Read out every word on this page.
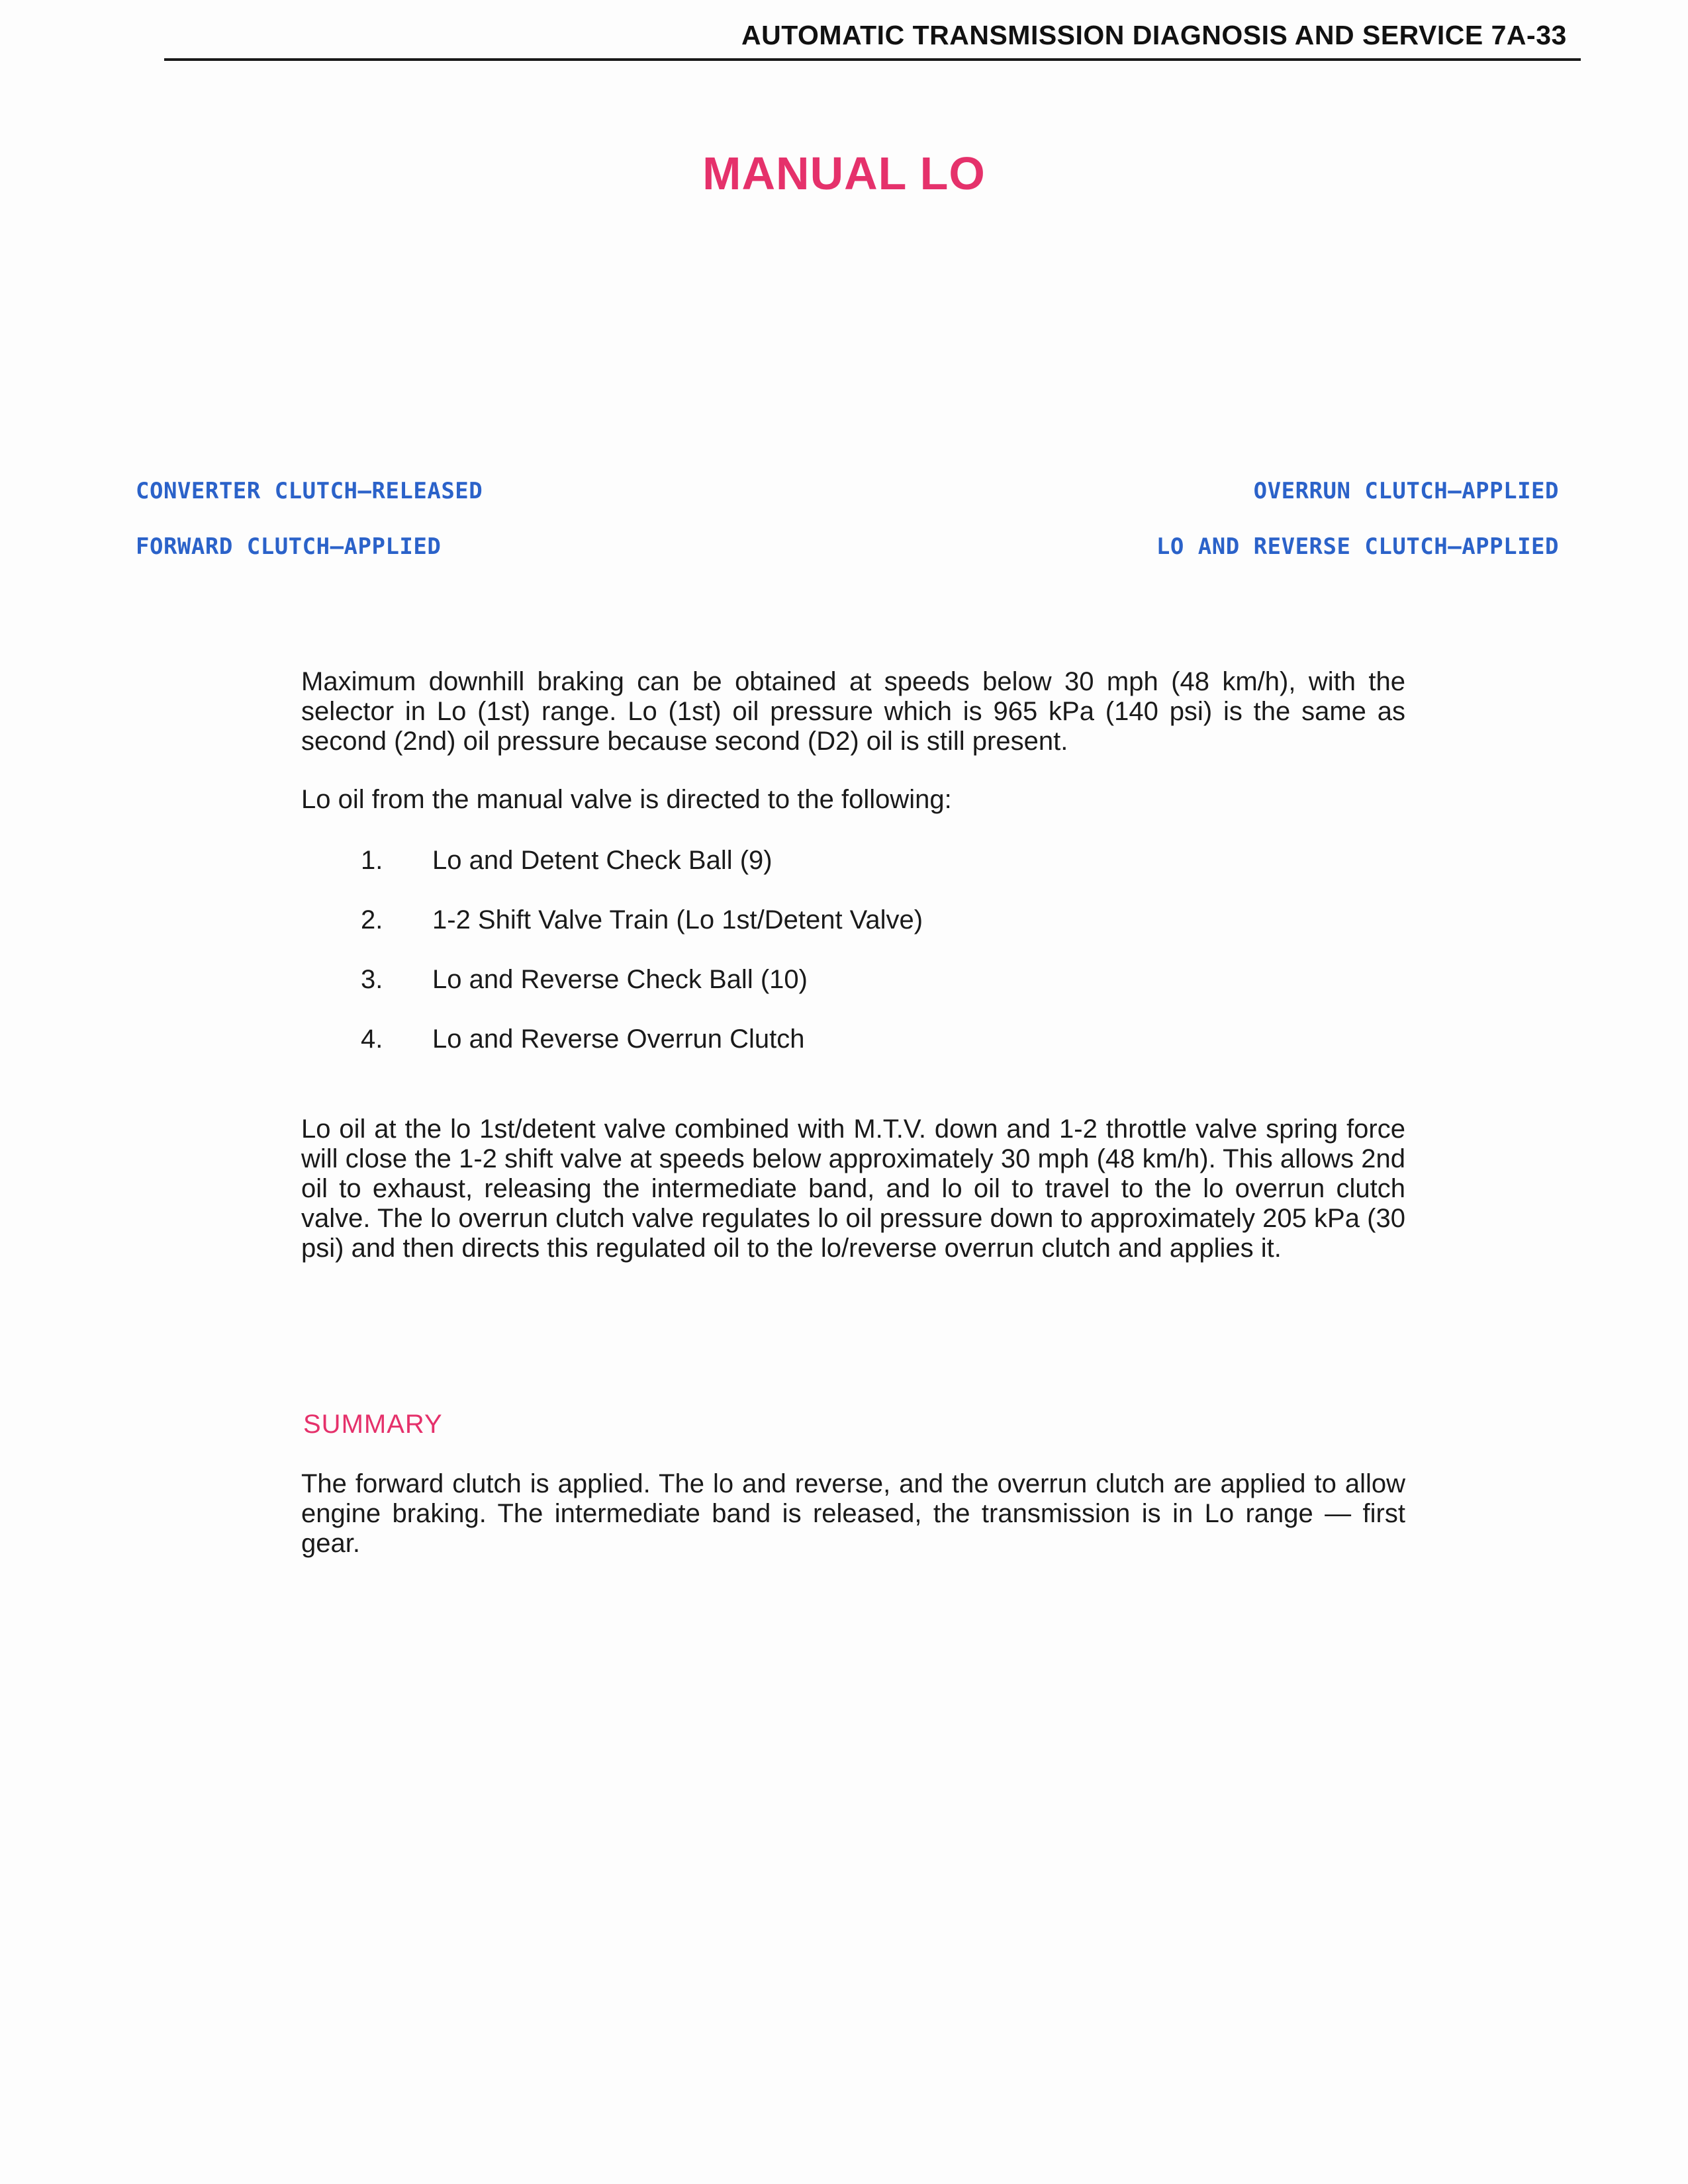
AUTOMATIC TRANSMISSION DIAGNOSIS AND SERVICE 7A-33
MANUAL LO
CONVERTER CLUTCH—RELEASED
FORWARD CLUTCH—APPLIED
OVERRUN CLUTCH—APPLIED
LO AND REVERSE CLUTCH—APPLIED
Maximum downhill braking can be obtained at speeds below 30 mph (48 km/h), with the selector in Lo (1st) range. Lo (1st) oil pressure which is 965 kPa (140 psi) is the same as second (2nd) oil pressure because second (D2) oil is still present.
Lo oil from the manual valve is directed to the following:
1.	Lo and Detent Check Ball (9)
2.	1-2 Shift Valve Train (Lo 1st/Detent Valve)
3.	Lo and Reverse Check Ball (10)
4.	Lo and Reverse Overrun Clutch
Lo oil at the lo 1st/detent valve combined with M.T.V. down and 1-2 throttle valve spring force will close the 1-2 shift valve at speeds below approximately 30 mph (48 km/h). This allows 2nd oil to exhaust, releasing the intermediate band, and lo oil to travel to the lo overrun clutch valve. The lo overrun clutch valve regulates lo oil pressure down to approximately 205 kPa (30 psi) and then directs this regulated oil to the lo/reverse overrun clutch and applies it.
SUMMARY
The forward clutch is applied. The lo and reverse, and the overrun clutch are applied to allow engine braking. The intermediate band is released, the transmission is in Lo range — first gear.
